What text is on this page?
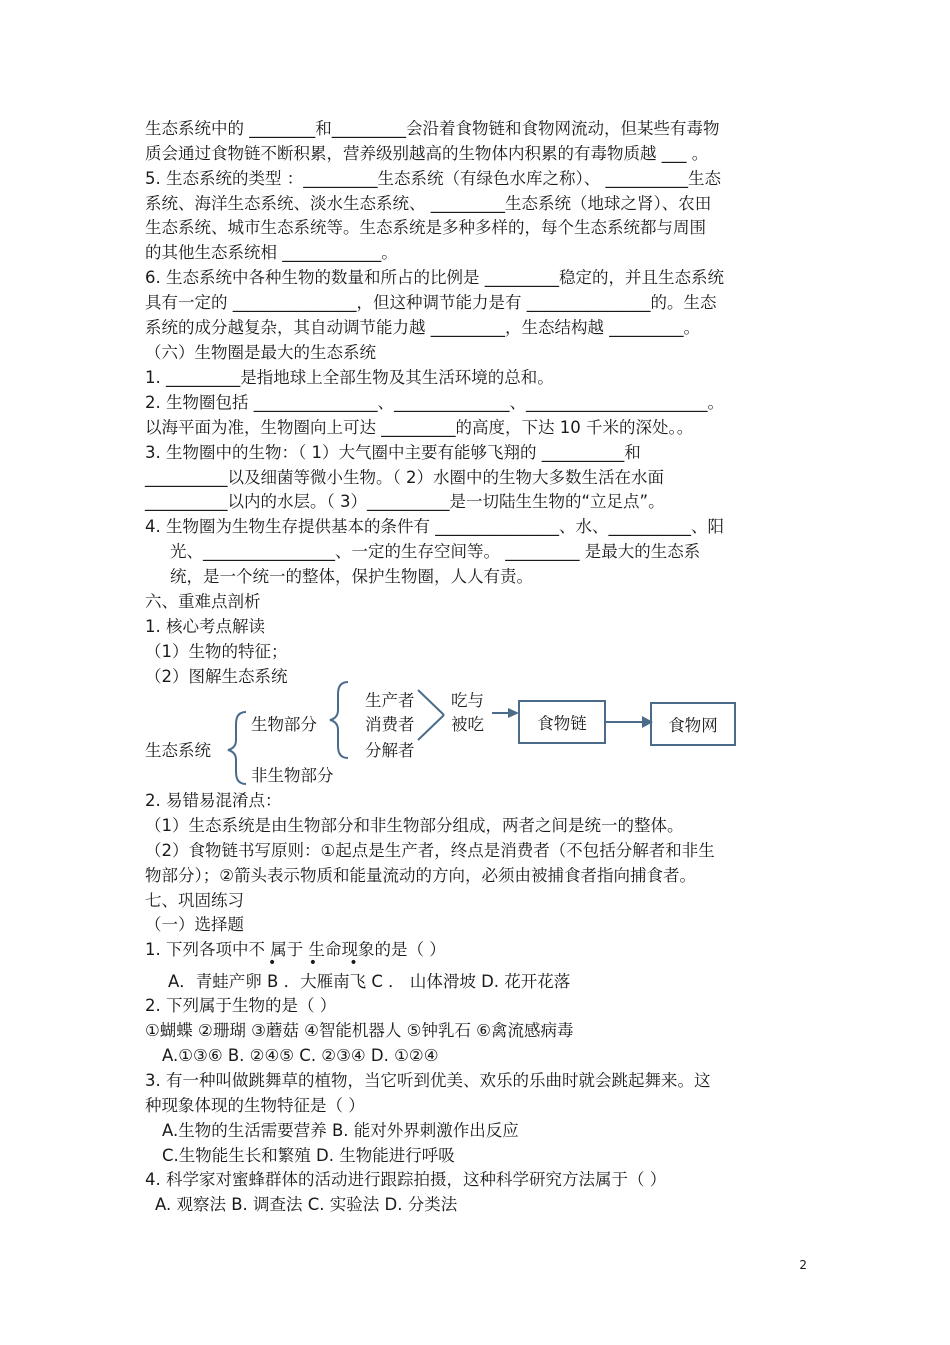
生态系统中的 ________和_________会沿着食物链和食物网流动，但某些有毒物
质会通过食物链不断积累，营养级别越高的生物体内积累的有毒物质越 ___ 。
5. 生态系统的类型 ：_________生态系统（有绿色水库之称）、 __________生态
系统、海洋生态系统、淡水生态系统、 _________生态系统（地球之肾）、农田
生态系统、城市生态系统等。生态系统是多种多样的，每个生态系统都与周围
的其他生态系统相 ____________。
6. 生态系统中各种生物的数量和所占的比例是 _________稳定的，并且生态系统
具有一定的 _______________，但这种调节能力是有 _______________的。生态
系统的成分越复杂，其自动调节能力越 _________，生态结构越 _________。
（六）生物圈是最大的生态系统
1. _________是指地球上全部生物及其生活环境的总和。
2. 生物圈包括 _______________、______________、______________________。
以海平面为准，生物圈向上可达 _________的高度，下达 10 千米的深处。。
3. 生物圈中的生物：（ 1）大气圈中主要有能够飞翔的 __________和
__________以及细菌等微小生物。（ 2）水圈中的生物大多数生活在水面
__________以内的水层。（ 3）__________是一切陆生生物的“立足点”。
4. 生物圈为生物生存提供基本的条件有 _______________、水、__________、阳
光、________________、一定的生存空间等。 _________ 是最大的生态系
统，是一个统一的整体，保护生物圈，人人有责。
六、重难点剖析
1. 核心考点解读
（1）生物的特征；
（2）图解生态系统
生态系统
生物部分
非生物部分
生产者
消费者
分解者
吃与
被吃	食物链	食物网
2. 易错易混淆点：
（1）生态系统是由生物部分和非生物部分组成，两者之间是统一的整体。
（2）食物链书写原则：①起点是生产者，终点是消费者（不包括分解者和非生
物部分）；②箭头表示物质和能量流动的方向，必须由被捕食者指向捕食者。
七、巩固练习
（一）选择题
1. 下列各项中不 属于 生命现象的是（ ）
• • •
A．青蛙产卵 B ．大雁南飞 C ． 山体滑坡 D. 花开花落
2. 下列属于生物的是（ ）
①蝴蝶 ②珊瑚 ③蘑菇 ④智能机器人 ⑤钟乳石 ⑥禽流感病毒
A.①③⑥ B. ②④⑤ C. ②③④ D. ①②④
3. 有一种叫做跳舞草的植物，当它听到优美、欢乐的乐曲时就会跳起舞来。这
种现象体现的生物特征是（ ）
A.生物的生活需要营养 B. 能对外界刺激作出反应
C.生物能生长和繁殖 D. 生物能进行呼吸
4. 科学家对蜜蜂群体的活动进行跟踪拍摄，这种科学研究方法属于（ ）
A. 观察法 B. 调查法 C. 实验法 D. 分类法
2
